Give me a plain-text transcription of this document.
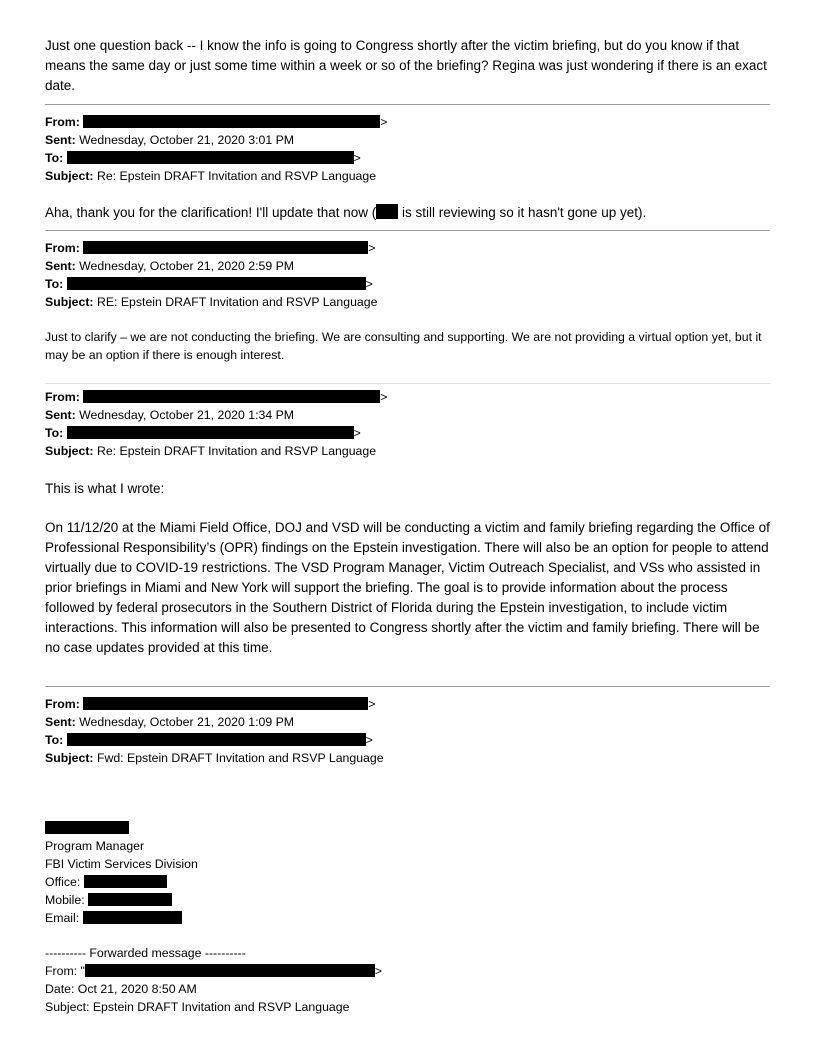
Just one question back -- I know the info is going to Congress shortly after the victim briefing, but do you know if that means the same day or just some time within a week or so of the briefing? Regina was just wondering if there is an exact date.

From:	>
Sent: Wednesday, October 21, 2020 3:01 PM
To:	>
Subject: Re: Epstein DRAFT Invitation and RSVP Language

Aha, thank you for the clarification! I'll update that now ( is still reviewing so it hasn't gone up yet).

From:	>
Sent: Wednesday, October 21, 2020 2:59 PM
To:	>
Subject: RE: Epstein DRAFT Invitation and RSVP Language

Just to clarify – we are not conducting the briefing. We are consulting and supporting. We are not providing a virtual option yet, but it may be an option if there is enough interest.

From:	>
Sent: Wednesday, October 21, 2020 1:34 PM
To:	>
Subject: Re: Epstein DRAFT Invitation and RSVP Language

This is what I wrote:

On 11/12/20 at the Miami Field Office, DOJ and VSD will be conducting a victim and family briefing regarding the Office of Professional Responsibility’s (OPR) findings on the Epstein investigation. There will also be an option for people to attend virtually due to COVID-19 restrictions. The VSD Program Manager, Victim Outreach Specialist, and VSs who assisted in prior briefings in Miami and New York will support the briefing. The goal is to provide information about the process followed by federal prosecutors in the Southern District of Florida during the Epstein investigation, to include victim interactions. This information will also be presented to Congress shortly after the victim and family briefing. There will be no case updates provided at this time.

From:	>
Sent: Wednesday, October 21, 2020 1:09 PM
To:	>
Subject: Fwd: Epstein DRAFT Invitation and RSVP Language
Program Manager
FBI Victim Services Division
Office:
Mobile:
Email:
---------- Forwarded message ----------
From: "	>
Date: Oct 21, 2020 8:50 AM
Subject: Epstein DRAFT Invitation and RSVP Language
